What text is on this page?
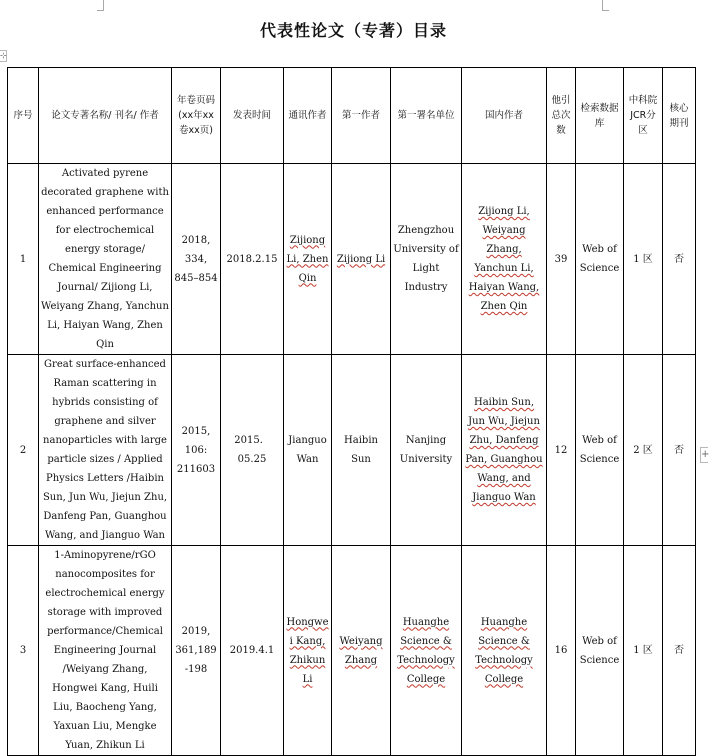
⊹
+
代表性论文（专著）目录
序号	论文专著名称/ 刊名/ 作者	年卷页码 (xx年xx卷xx页)	发表时间	通讯作者	第一作者	第一署名单位	国内作者	他引总次数	检索数据库	中科院JCR分区	核心期刊
1	Activated pyrene decorated graphene with enhanced performance for electrochemical energy storage/ Chemical Engineering Journal/ Zijiong Li, Weiyang Zhang, Yanchun Li, Haiyan Wang, Zhen Qin	2018, 334, 845–854	2018.2.15	Zijiong Li, Zhen Qin	Zijiong Li	Zhengzhou University of Light Industry	Zijiong Li, Weiyang Zhang, Yanchun Li, Haiyan Wang, Zhen Qin	39	Web of Science	1 区	否
2	Great surface-enhanced Raman scattering in hybrids consisting of graphene and silver nanoparticles with large particle sizes / Applied Physics Letters /Haibin Sun, Jun Wu, Jiejun Zhu, Danfeng Pan, Guanghou Wang, and Jianguo Wan	2015, 106: 211603	2015．05.25	Jianguo Wan	Haibin Sun	Nanjing University	Haibin Sun, Jun Wu, Jiejun Zhu, Danfeng Pan, Guanghou Wang, and Jianguo Wan	12	Web of Science	2 区	否
3	1-Aminopyrene/rGO nanocomposites for electrochemical energy storage with improved performance/Chemical Engineering Journal /Weiyang Zhang, Hongwei Kang, Huili Liu, Baocheng Yang, Yaxuan Liu, Mengke Yuan, Zhikun Li	2019, 361,189-198	2019.4.1	Hongwei Kang, Zhikun Li	Weiyang Zhang	Huanghe Science & Technology College	Huanghe Science & Technology College	16	Web of Science	1 区	否
